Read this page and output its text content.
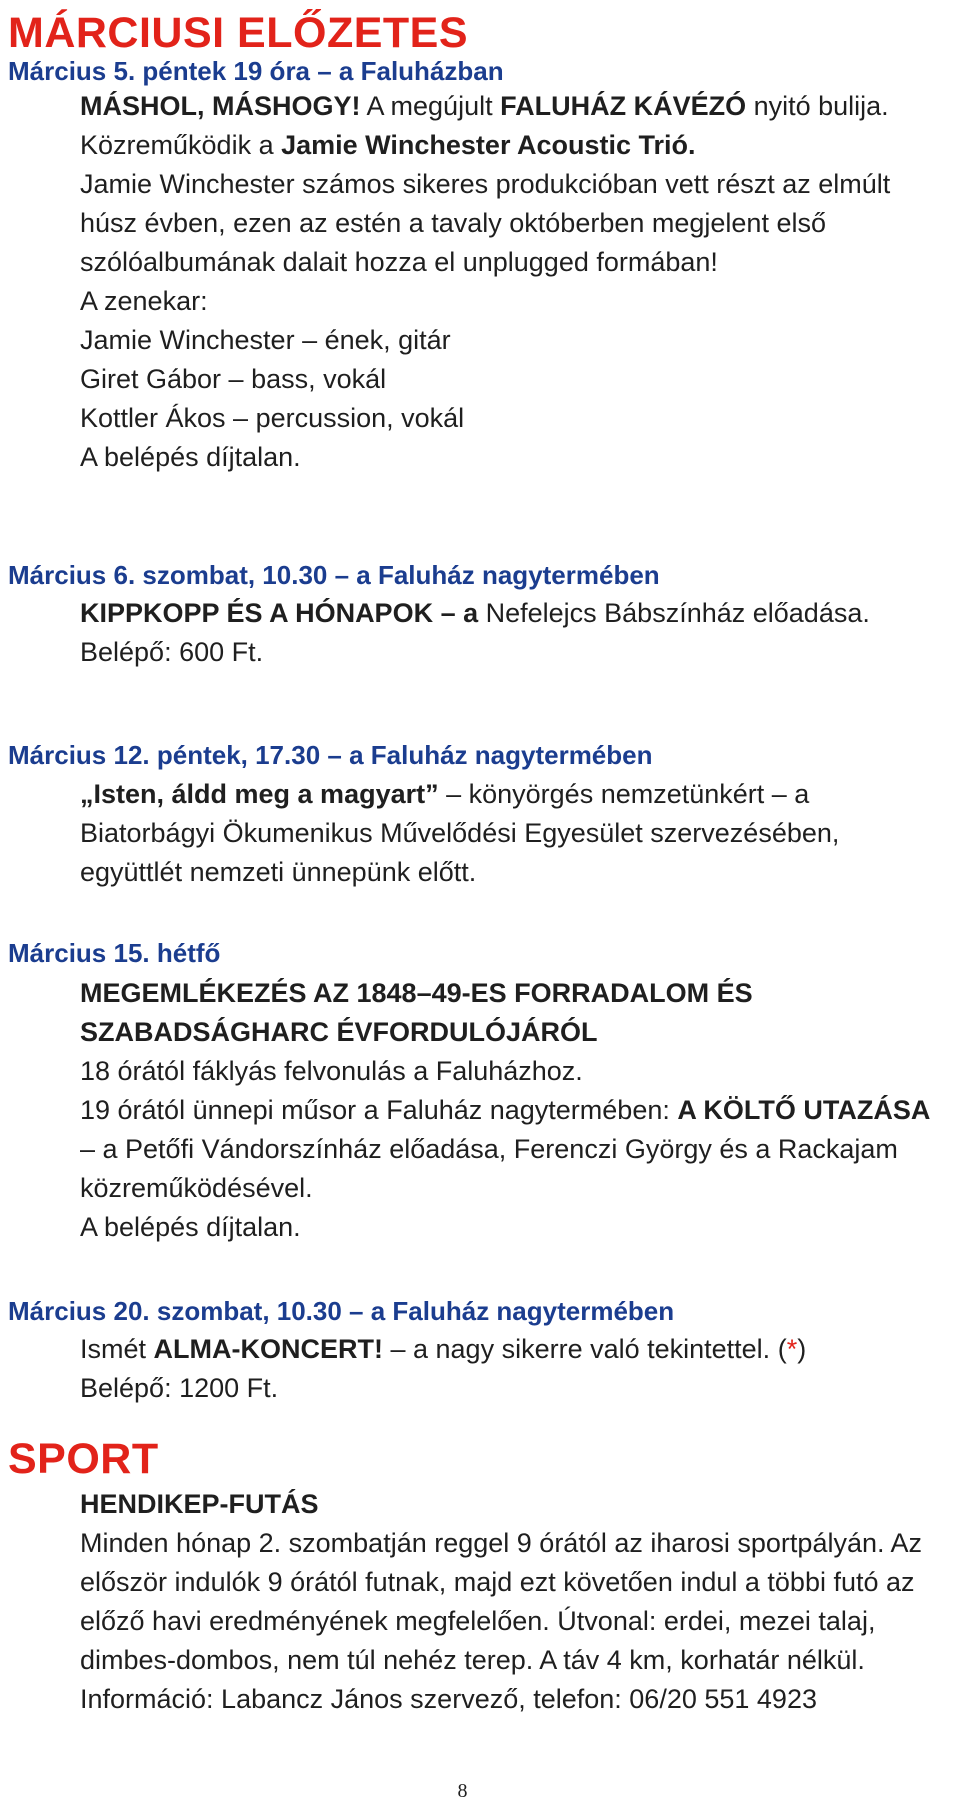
MÁRCIUSI ELŐZETES
Március 5. péntek 19 óra – a Faluházban

MÁSHOL, MÁSHOGY! A megújult FALUHÁZ KÁVÉZÓ nyitó bulija.

Közreműködik a Jamie Winchester Acoustic Trió.

Jamie Winchester számos sikeres produkcióban vett részt az elmúlt húsz évben, ezen az estén a tavaly októberben megjelent első szólóalbumának dalait hozza el unplugged formában!

A zenekar:

Jamie Winchester – ének, gitár

Giret Gábor – bass, vokál

Kottler Ákos – percussion, vokál

A belépés díjtalan.

Március 6. szombat, 10.30 – a Faluház nagytermében

KIPPKOPP ÉS A HÓNAPOK – a Nefelejcs Bábszínház előadása.

Belépő: 600 Ft.

Március 12. péntek, 17.30 – a Faluház nagytermében

„Isten, áldd meg a magyart” – könyörgés nemzetünkért – a Biatorbágyi Ökumenikus Művelődési Egyesület szervezésében, együttlét nemzeti ünnepünk előtt.

Március 15. hétfő

MEGEMLÉKEZÉS AZ 1848–49-ES FORRADALOM ÉS SZABADSÁGHARC ÉVFORDULÓJÁRÓL

18 órától fáklyás felvonulás a Faluházhoz.

19 órától ünnepi műsor a Faluház nagytermében: A KÖLTŐ UTAZÁSA – a Petőfi Vándorszínház előadása, Ferenczi György és a Rackajam közreműködésével.

A belépés díjtalan.

Március 20. szombat, 10.30 – a Faluház nagytermében

Ismét ALMA-KONCERT! – a nagy sikerre való tekintettel. (*)

Belépő: 1200 Ft.

SPORT

HENDIKEP-FUTÁS

Minden hónap 2. szombatján reggel 9 órától az iharosi sportpályán. Az először indulók 9 órától futnak, majd ezt követően indul a többi futó az előző havi eredményének megfelelően. Útvonal: erdei, mezei talaj, dimbes-dombos, nem túl nehéz terep. A táv 4 km, korhatár nélkül.

Információ: Labancz János szervező, telefon: 06/20 551 4923

8
